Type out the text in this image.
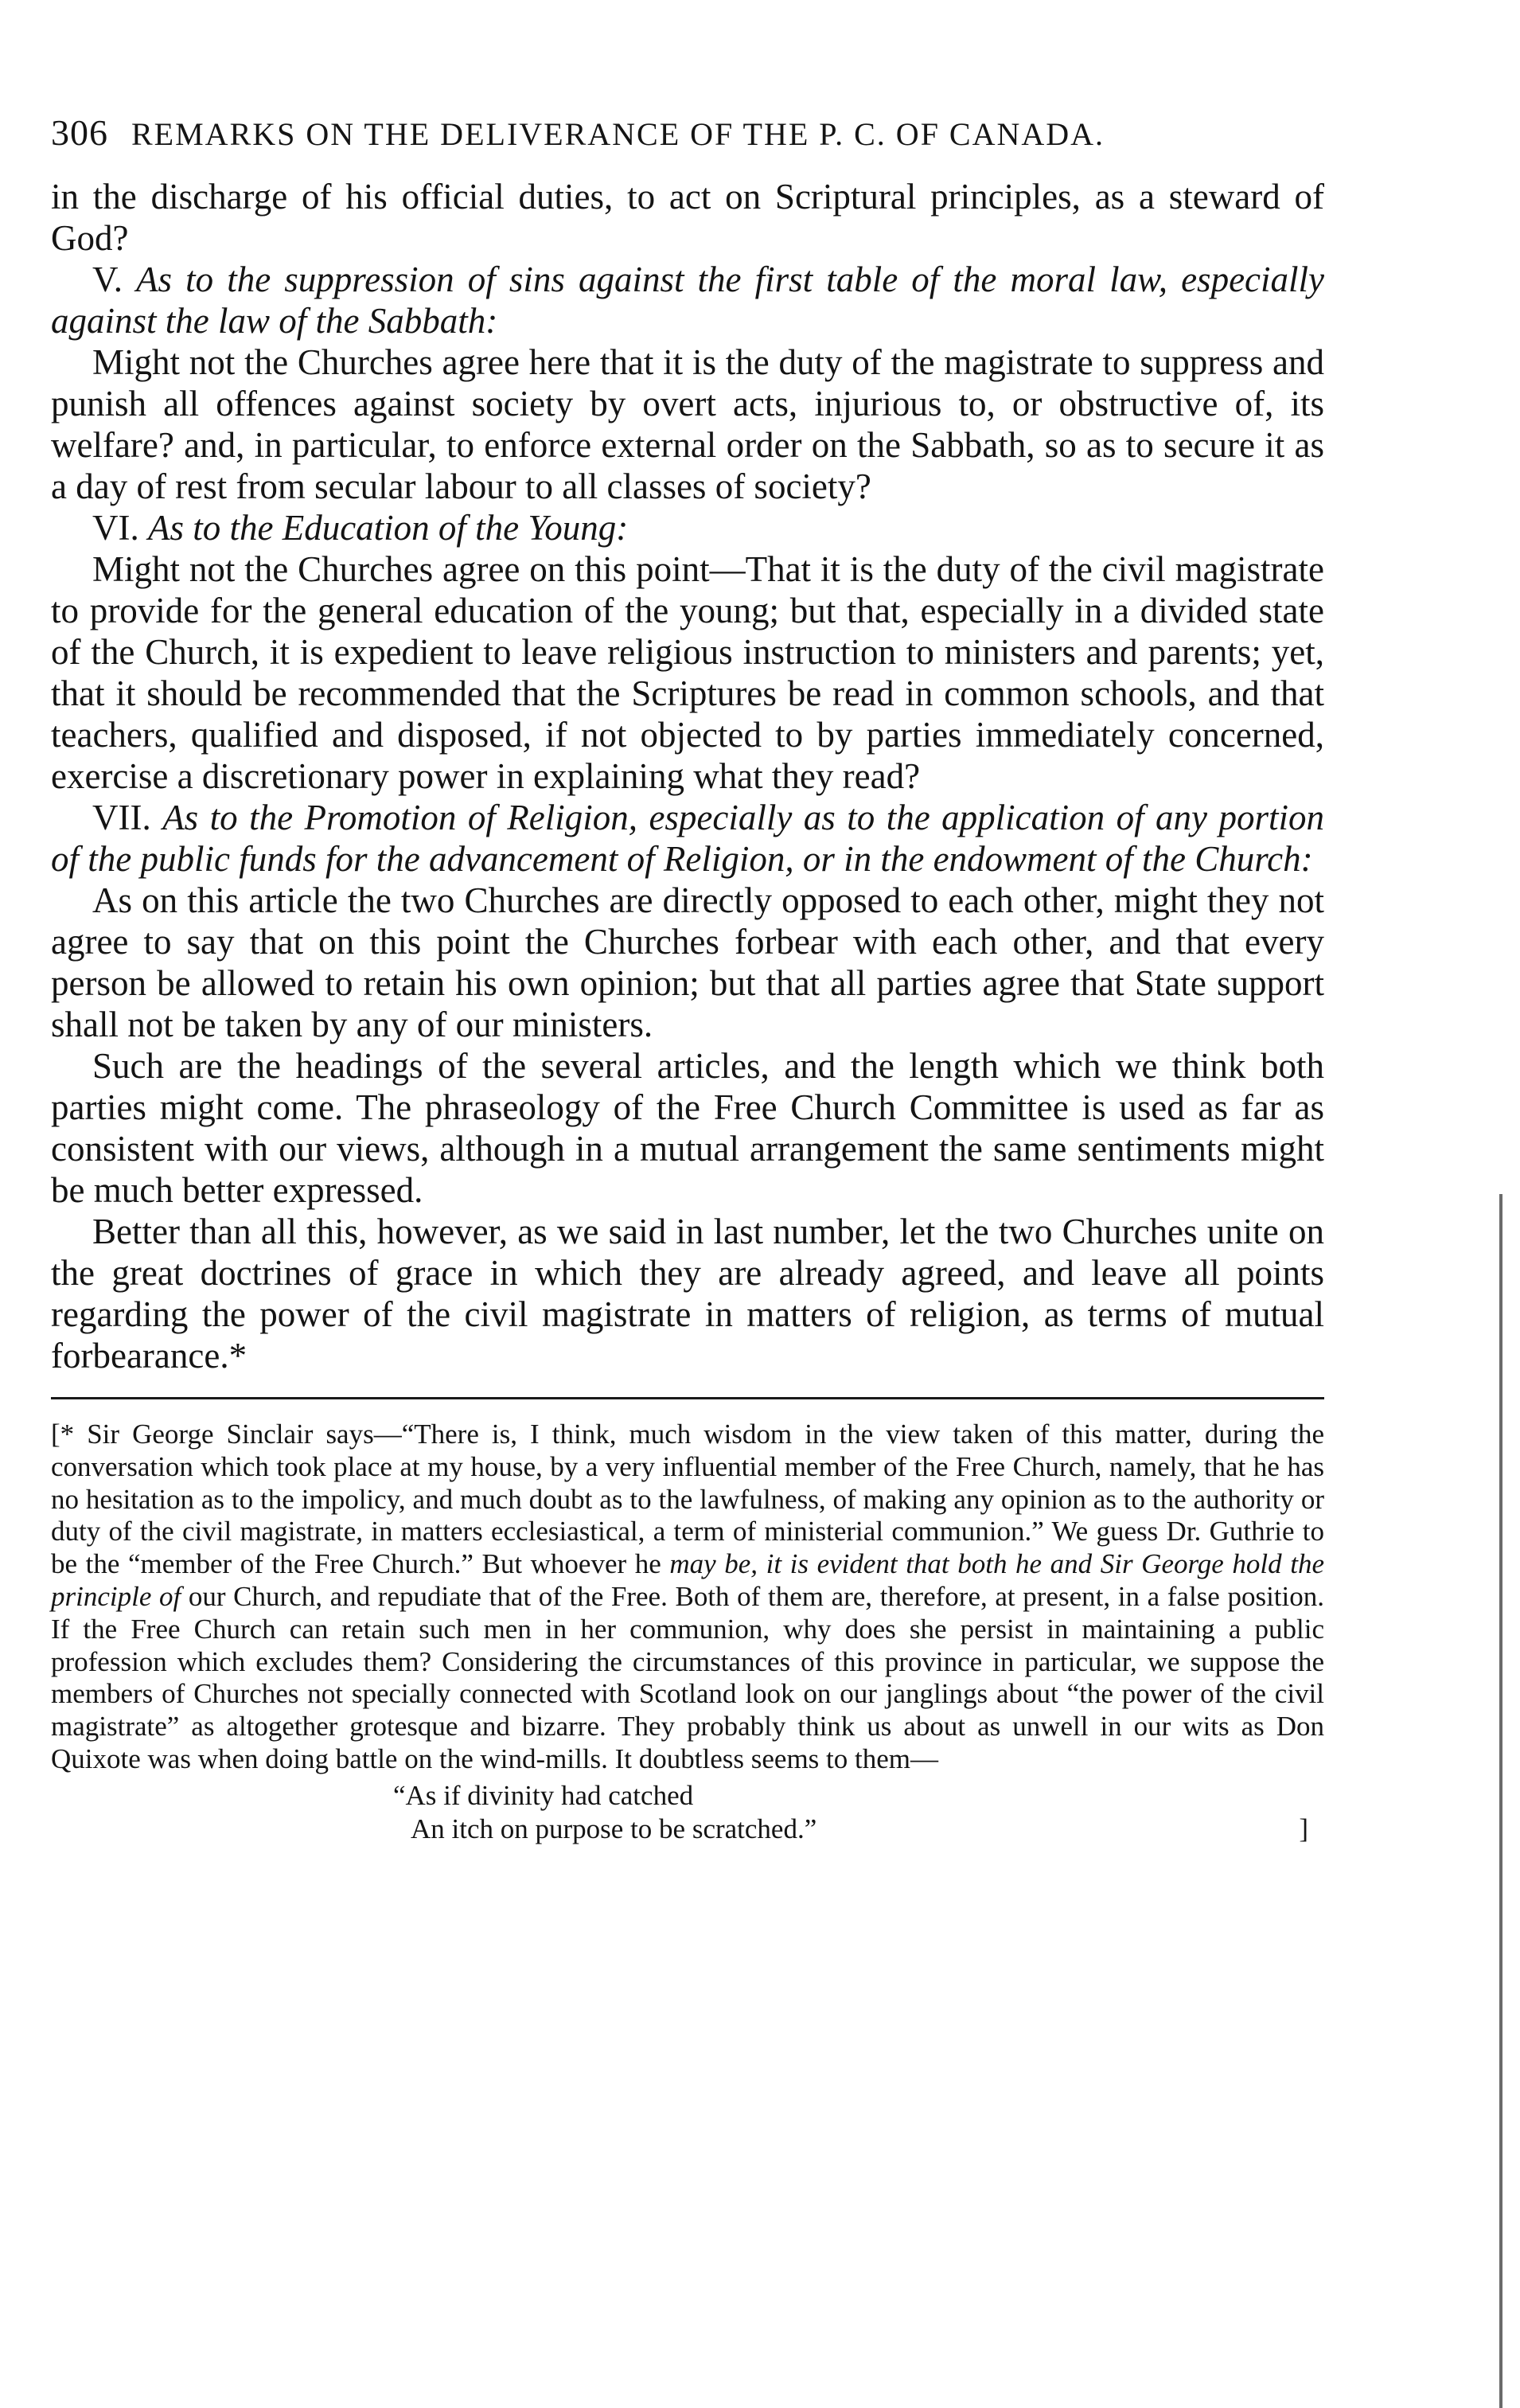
306 REMARKS ON THE DELIVERANCE OF THE P. C. OF CANADA.

in the discharge of his official duties, to act on Scriptural principles, as a steward of God?

V. As to the suppression of sins against the first table of the moral law, especially against the law of the Sabbath:

Might not the Churches agree here that it is the duty of the magistrate to suppress and punish all offences against society by overt acts, injurious to, or obstructive of, its welfare? and, in particular, to enforce external order on the Sabbath, so as to secure it as a day of rest from secular labour to all classes of society?

VI. As to the Education of the Young:

Might not the Churches agree on this point—That it is the duty of the civil magistrate to provide for the general education of the young; but that, especially in a divided state of the Church, it is expedient to leave religious instruction to ministers and parents; yet, that it should be recommended that the Scriptures be read in common schools, and that teachers, qualified and disposed, if not objected to by parties immediately concerned, exercise a discretionary power in explaining what they read?

VII. As to the Promotion of Religion, especially as to the application of any portion of the public funds for the advancement of Religion, or in the endowment of the Church:

As on this article the two Churches are directly opposed to each other, might they not agree to say that on this point the Churches forbear with each other, and that every person be allowed to retain his own opinion; but that all parties agree that State support shall not be taken by any of our ministers.

Such are the headings of the several articles, and the length which we think both parties might come. The phraseology of the Free Church Committee is used as far as consistent with our views, although in a mutual arrangement the same sentiments might be much better expressed.

Better than all this, however, as we said in last number, let the two Churches unite on the great doctrines of grace in which they are already agreed, and leave all points regarding the power of the civil magistrate in matters of religion, as terms of mutual forbearance.*

[* Sir George Sinclair says—“There is, I think, much wisdom in the view taken of this matter, during the conversation which took place at my house, by a very influential member of the Free Church, namely, that he has no hesitation as to the impolicy, and much doubt as to the lawfulness, of making any opinion as to the authority or duty of the civil magistrate, in matters ecclesiastical, a term of ministerial communion.” We guess Dr. Guthrie to be the “member of the Free Church.” But whoever he may be, it is evident that both he and Sir George hold the principle of our Church, and repudiate that of the Free. Both of them are, therefore, at present, in a false position. If the Free Church can retain such men in her communion, why does she persist in maintaining a public profession which excludes them? Considering the circumstances of this province in particular, we suppose the members of Churches not specially connected with Scotland look on our janglings about “the power of the civil magistrate” as altogether grotesque and bizarre. They probably think us about as unwell in our wits as Don Quixote was when doing battle on the wind-mills. It doubtless seems to them—

“As if divinity had catched
An itch on purpose to be scratched.”	]
